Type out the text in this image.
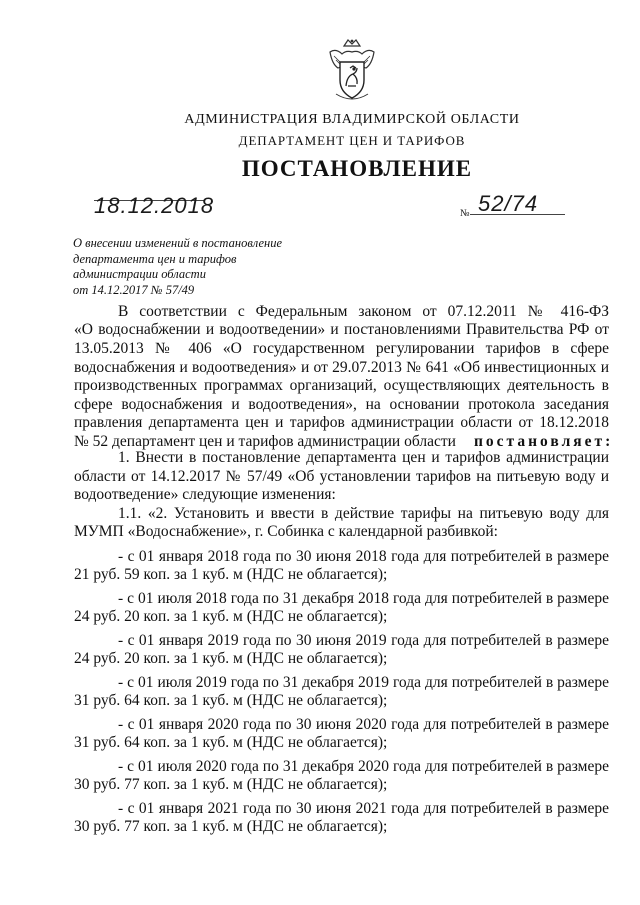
АДМИНИСТРАЦИЯ ВЛАДИМИРСКОЙ ОБЛАСТИ
ДЕПАРТАМЕНТ ЦЕН И ТАРИФОВ
ПОСТАНОВЛЕНИЕ
18.12.2018	№ 52/74
О внесении изменений в постановление
департамента цен и тарифов
администрации области
от 14.12.2017 № 57/49
В соответствии с Федеральным законом от 07.12.2011 № 416-ФЗ
«О водоснабжении и водоотведении» и постановлениями Правительства РФ от
13.05.2013 № 406 «О государственном регулировании тарифов в сфере
водоснабжения и водоотведения» и от 29.07.2013 № 641 «Об инвестиционных и
производственных программах организаций, осуществляющих деятельность в
сфере водоснабжения и водоотведения», на основании протокола заседания
правления департамента цен и тарифов администрации области от 18.12.2018
№ 52 департамент цен и тарифов администрации области постановляет:
1. Внести в постановление департамента цен и тарифов администрации
области от 14.12.2017 № 57/49 «Об установлении тарифов на питьевую воду и
водоотведение» следующие изменения:
1.1. «2. Установить и ввести в действие тарифы на питьевую воду для
МУМП «Водоснабжение», г. Собинка с календарной разбивкой:
- с 01 января 2018 года по 30 июня 2018 года для потребителей в размере
21 руб. 59 коп. за 1 куб. м (НДС не облагается);
- с 01 июля 2018 года по 31 декабря 2018 года для потребителей в размере
24 руб. 20 коп. за 1 куб. м (НДС не облагается);
- с 01 января 2019 года по 30 июня 2019 года для потребителей в размере
24 руб. 20 коп. за 1 куб. м (НДС не облагается);
- с 01 июля 2019 года по 31 декабря 2019 года для потребителей в размере
31 руб. 64 коп. за 1 куб. м (НДС не облагается);
- с 01 января 2020 года по 30 июня 2020 года для потребителей в размере
31 руб. 64 коп. за 1 куб. м (НДС не облагается);
- с 01 июля 2020 года по 31 декабря 2020 года для потребителей в размере
30 руб. 77 коп. за 1 куб. м (НДС не облагается);
- с 01 января 2021 года по 30 июня 2021 года для потребителей в размере
30 руб. 77 коп. за 1 куб. м (НДС не облагается);
